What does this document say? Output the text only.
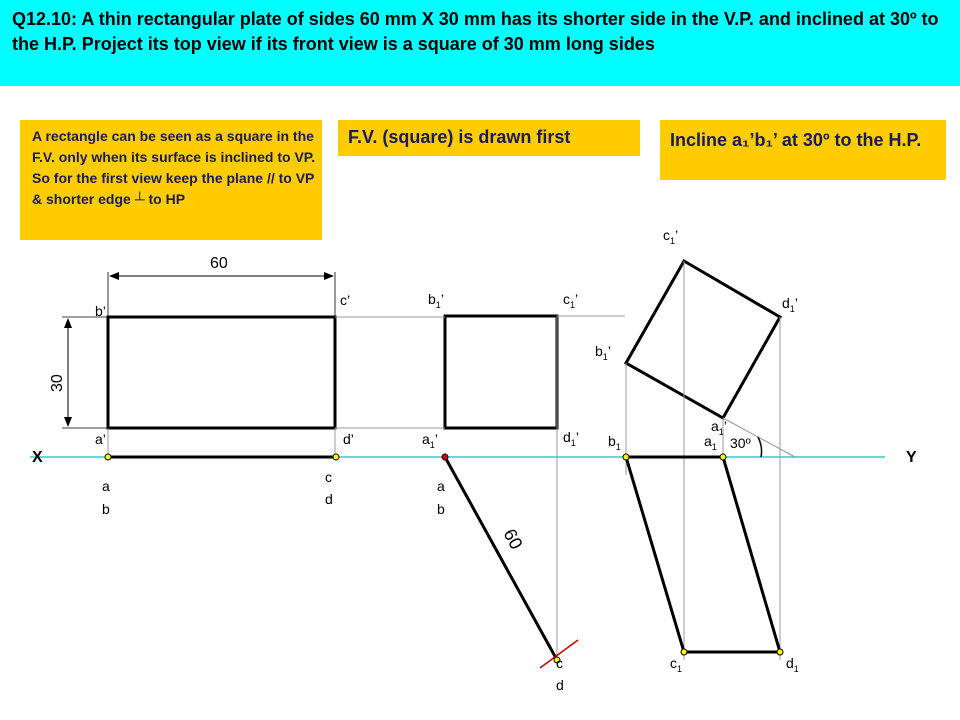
Q12.10: A thin rectangular plate of sides 60 mm X 30 mm has its shorter side in the V.P. and inclined at 30º to the H.P. Project its top view if its front view is a square of 30 mm long sides
A rectangle can be seen as a square in the F.V. only when its surface is inclined to VP. So for the first view keep the plane // to VP & shorter edge ┴ to HP
F.V. (square) is drawn first	Incline a₁’b₁’ at 30º to the H.P.
X	Y
60
30
b’
c’
a’	d’
a
b
c
d
60
$b_1$’	$c_1$’
$a_1$’	$d_1$’
a
b
c
d
30º
$c_1$’
$d_1$’
$b_1$’
$a_1$’
$b_1$	$a_1$
$c_1$	$d_1$
